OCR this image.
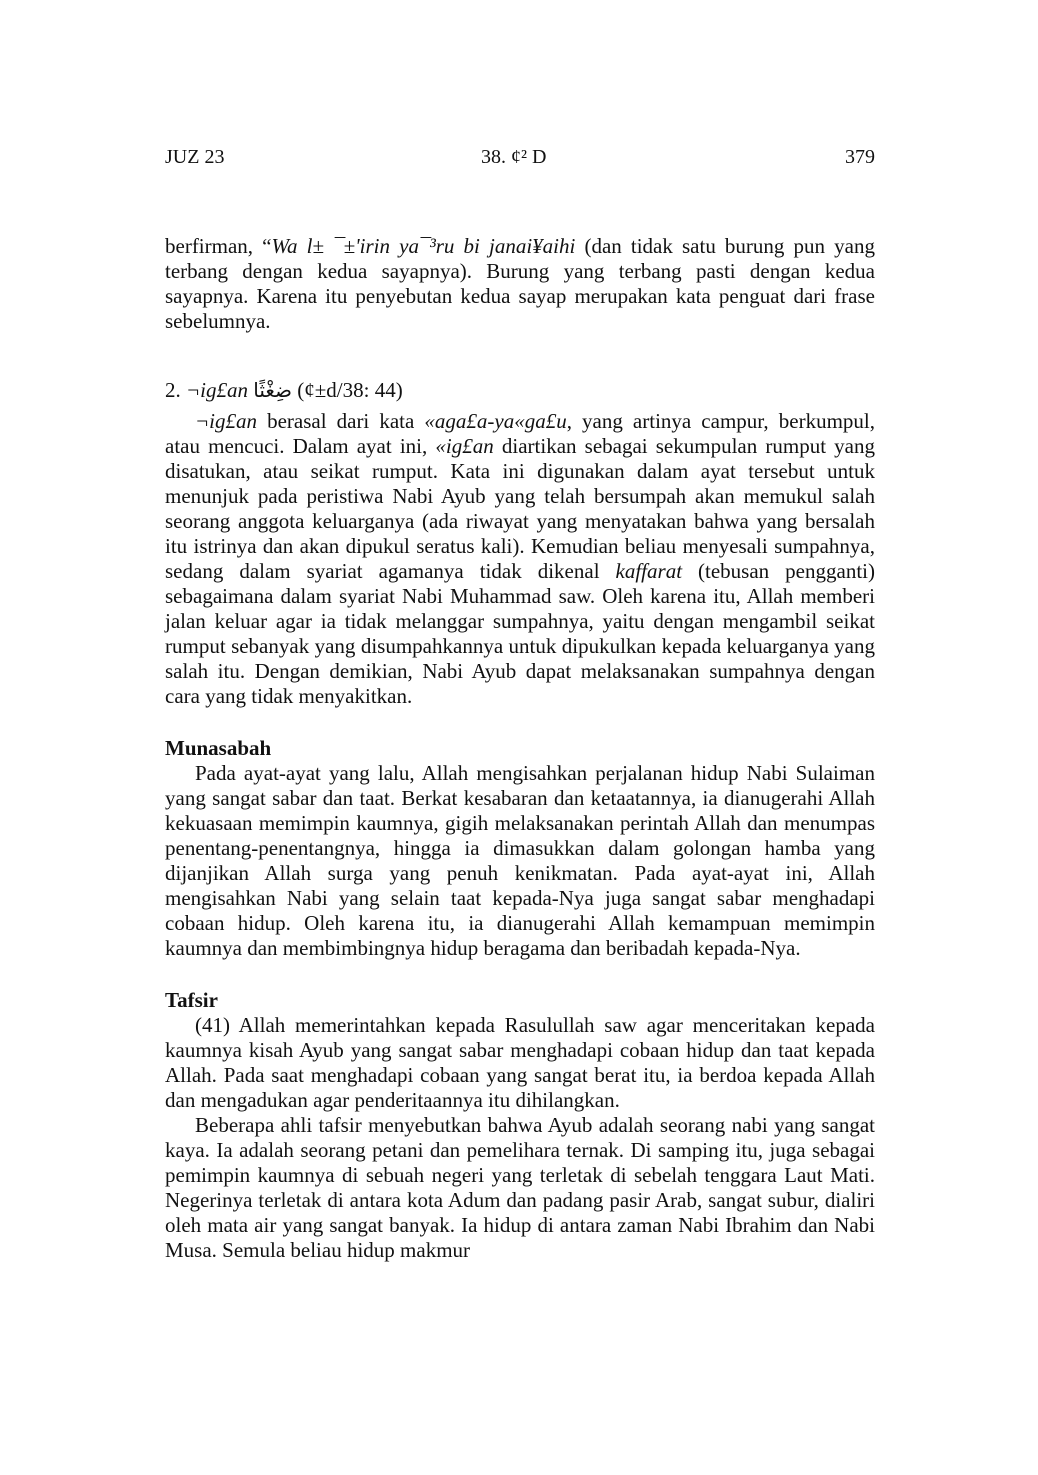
JUZ 23	38. ¢² D	379

berfirman, “Wa l± ¯±'irin ya¯³ru bi janai¥aihi (dan tidak satu burung pun yang terbang dengan kedua sayapnya). Burung yang terbang pasti dengan kedua sayapnya. Karena itu penyebutan kedua sayap merupakan kata penguat dari frase sebelumnya.

2. ¬ig£an ضِغْثًا (¢±d/38: 44)

¬ig£an berasal dari kata «aga£a-ya«ga£u, yang artinya campur, berkumpul, atau mencuci. Dalam ayat ini, «ig£an diartikan sebagai sekumpulan rumput yang disatukan, atau seikat rumput. Kata ini digunakan dalam ayat tersebut untuk menunjuk pada peristiwa Nabi Ayub yang telah bersumpah akan memukul salah seorang anggota keluarganya (ada riwayat yang menyatakan bahwa yang bersalah itu istrinya dan akan dipukul seratus kali). Kemudian beliau menyesali sumpahnya, sedang dalam syariat agamanya tidak dikenal kaffarat (tebusan pengganti) sebagaimana dalam syariat Nabi Muhammad saw. Oleh karena itu, Allah memberi jalan keluar agar ia tidak melanggar sumpahnya, yaitu dengan mengambil seikat rumput sebanyak yang disumpahkannya untuk dipukulkan kepada keluarganya yang salah itu. Dengan demikian, Nabi Ayub dapat melaksanakan sumpahnya dengan cara yang tidak menyakitkan.

Munasabah

Pada ayat-ayat yang lalu, Allah mengisahkan perjalanan hidup Nabi Sulaiman yang sangat sabar dan taat. Berkat kesabaran dan ketaatannya, ia dianugerahi Allah kekuasaan memimpin kaumnya, gigih melaksanakan perintah Allah dan menumpas penentang-penentangnya, hingga ia dimasukkan dalam golongan hamba yang dijanjikan Allah surga yang penuh kenikmatan. Pada ayat-ayat ini, Allah mengisahkan Nabi yang selain taat kepada-Nya juga sangat sabar menghadapi cobaan hidup. Oleh karena itu, ia dianugerahi Allah kemampuan memimpin kaumnya dan membimbingnya hidup beragama dan beribadah kepada-Nya.

Tafsir

(41) Allah memerintahkan kepada Rasulullah saw agar menceritakan kepada kaumnya kisah Ayub yang sangat sabar menghadapi cobaan hidup dan taat kepada Allah. Pada saat menghadapi cobaan yang sangat berat itu, ia berdoa kepada Allah dan mengadukan agar penderitaannya itu dihilangkan.

Beberapa ahli tafsir menyebutkan bahwa Ayub adalah seorang nabi yang sangat kaya. Ia adalah seorang petani dan pemelihara ternak. Di samping itu, juga sebagai pemimpin kaumnya di sebuah negeri yang terletak di sebelah tenggara Laut Mati. Negerinya terletak di antara kota Adum dan padang pasir Arab, sangat subur, dialiri oleh mata air yang sangat banyak. Ia hidup di antara zaman Nabi Ibrahim dan Nabi Musa. Semula beliau hidup makmur
